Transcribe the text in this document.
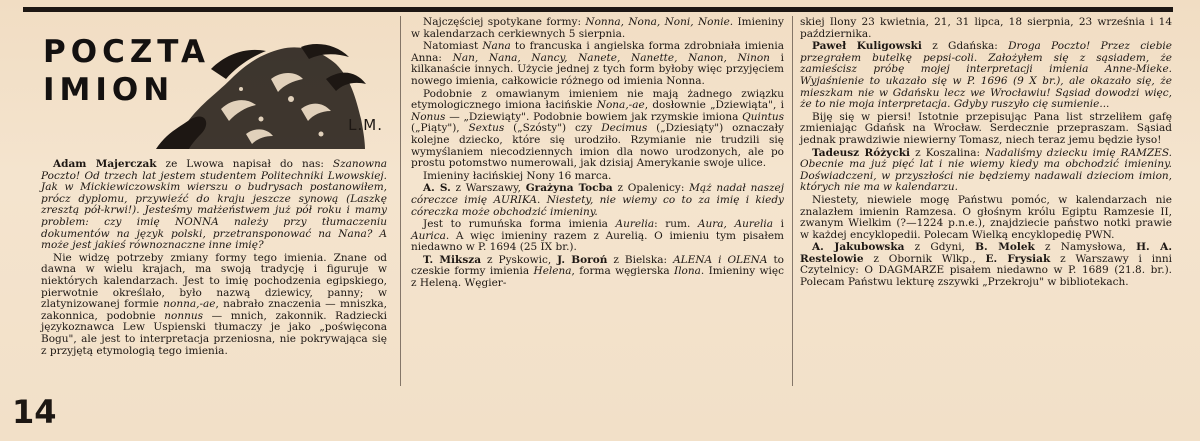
POCZTA
IMION
L.M.

Adam Majerczak ze Lwowa napisał do nas: Szanowna Poczto! Od trzech lat jestem studentem Politechniki Lwowskiej. Jak w Mickiewiczowskim wierszu o budrysach postanowiłem, prócz dyplomu, przywieźć do kraju jeszcze synową (Laszkę zresztą pół-krwi!). Jesteśmy małżeństwem już pół roku i mamy problem: czy imię NONNA należy przy tłumaczeniu dokumentów na język polski, przetransponować na Nana? A może jest jakieś równoznaczne inne imię?

Nie widzę potrzeby zmiany formy tego imienia. Znane od dawna w wielu krajach, ma swoją tradycję i figuruje w niektórych kalendarzach. Jest to imię pochodzenia egipskiego, pierwotnie określało, było nazwą dziewicy, panny; w zlatynizowanej formie nonna,-ae, nabrało znaczenia — mniszka, zakonnica, podobnie nonnus — mnich, zakonnik. Radziecki językoznawca Lew Uspienski tłumaczy je jako „poświęcona Bogu", ale jest to interpretacja przeniosna, nie pokrywająca się z przyjętą etymologią tego imienia.

Najczęściej spotykane formy: Nonna, Nona, Noni, Nonie. Imieniny w kalendarzach cerkiewnych 5 sierpnia.

Natomiast Nana to francuska i angielska forma zdrobniała imienia Anna: Nan, Nana, Nancy, Nanete, Nanette, Nanon, Ninon i kilkanaście innych. Użycie jednej z tych form byłoby więc przyjęciem nowego imienia, całkowicie różnego od imienia Nonna.

Podobnie z omawianym imieniem nie mają żadnego związku etymologicznego imiona łacińskie Nona,-ae, dosłownie „Dziewiąta", i Nonus — „Dziewiąty". Podobnie bowiem jak rzymskie imiona Quintus („Piąty"), Sextus („Szósty") czy Decimus („Dziesiąty") oznaczały kolejne dziecko, które się urodziło. Rzymianie nie trudzili się wymyślaniem niecodziennych imion dla nowo urodzonych, ale po prostu potomstwo numerowali, jak dzisiaj Amerykanie swoje ulice.

Imieniny łacińskiej Nony 16 marca.

A. S. z Warszawy, Grażyna Tocba z Opalenicy: Mąż nadał naszej córeczce imię AURIKA. Niestety, nie wiemy co to za imię i kiedy córeczka może obchodzić imieniny.

Jest to rumuńska forma imienia Aurelia: rum. Aura, Aurelia i Aurica. A więc imieniny razem z Aurelią. O imieniu tym pisałem niedawno w P. 1694 (25 IX br.).

T. Miksza z Pyskowic, J. Boroń z Bielska: ALENA i OLENA to czeskie formy imienia Helena, forma węgierska Ilona. Imieniny więc z Heleną. Węgier-

skiej Ilony 23 kwietnia, 21, 31 lipca, 18 sierpnia, 23 września i 14 października.

Paweł Kuligowski z Gdańska: Droga Poczto! Przez ciebie przegrałem butelkę pepsi-coli. Założyłem się z sąsiadem, że zamieścisz próbę mojej interpretacji imienia Anne-Mieke. Wyjaśnienie to ukazało się w P. 1696 (9 X br.), ale okazało się, że mieszkam nie w Gdańsku lecz we Wrocławiu! Sąsiad dowodzi więc, że to nie moja interpretacja. Gdyby ruszyło cię sumienie...

Biję się w piersi! Istotnie przepisując Pana list strzeliłem gafę zmieniając Gdańsk na Wrocław. Serdecznie przepraszam. Sąsiad jednak prawdziwie niewierny Tomasz, niech teraz jemu będzie łyso!

Tadeusz Różycki z Koszalina: Nadaliśmy dziecku imię RAMZES. Obecnie ma już pięć lat i nie wiemy kiedy ma obchodzić imieniny. Doświadczeni, w przyszłości nie będziemy nadawali dzieciom imion, których nie ma w kalendarzu.

Niestety, niewiele mogę Państwu pomóc, w kalendarzach nie znalazłem imienin Ramzesa. O głośnym królu Egiptu Ramzesie II, zwanym Wielkim (?—1224 p.n.e.), znajdziecie państwo notki prawie w każdej encyklopedii. Polecam Wielką encyklopedię PWN.

A. Jakubowska z Gdyni, B. Molek z Namysłowa, H. A. Restelowie z Obornik Wlkp., E. Frysiak z Warszawy i inni Czytelnicy: O DAGMARZE pisałem niedawno w P. 1689 (21.8. br.). Polecam Państwu lekturę zszywki „Przekroju" w bibliotekach.

14
